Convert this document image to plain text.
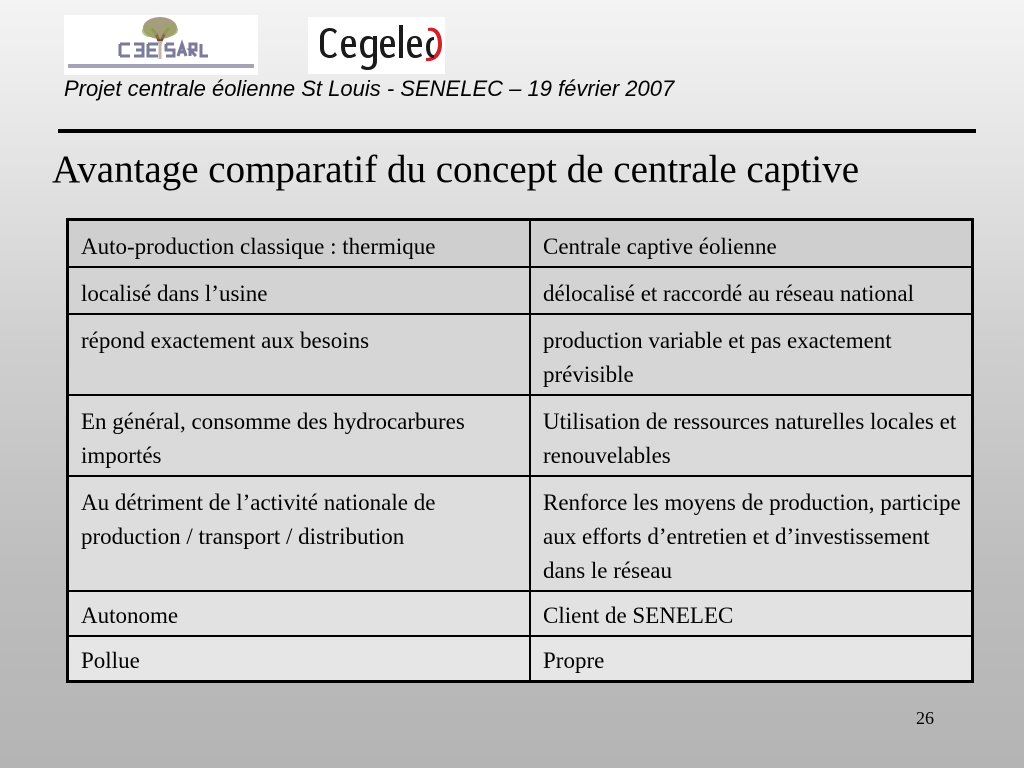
Projet centrale éolienne St Louis - SENELEC – 19 février 2007
Avantage comparatif du concept de centrale captive
Auto-production classique : thermique	Centrale captive éolienne
localisé dans l’usine	délocalisé et raccordé au réseau national
répond exactement aux besoins	production variable et pas exactement prévisible
En général, consomme des hydrocarbures importés	Utilisation de ressources naturelles locales et renouvelables
Au détriment de l’activité nationale de production / transport / distribution	Renforce les moyens de production, participe aux efforts d’entretien et d’investissement dans le réseau
Autonome	Client de SENELEC
Pollue	Propre
26
